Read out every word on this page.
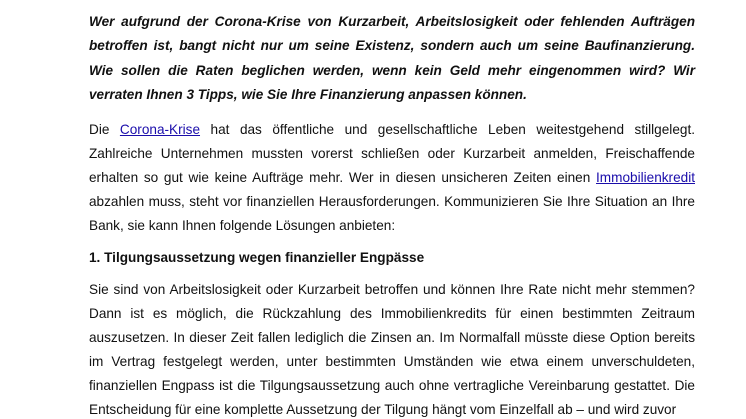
Wer aufgrund der Corona-Krise von Kurzarbeit, Arbeitslosigkeit oder fehlenden Aufträgen betroffen ist, bangt nicht nur um seine Existenz, sondern auch um seine Baufinanzierung. Wie sollen die Raten beglichen werden, wenn kein Geld mehr eingenommen wird? Wir verraten Ihnen 3 Tipps, wie Sie Ihre Finanzierung anpassen können.

Die Corona-Krise hat das öffentliche und gesellschaftliche Leben weitestgehend stillgelegt. Zahlreiche Unternehmen mussten vorerst schließen oder Kurzarbeit anmelden, Freischaffende erhalten so gut wie keine Aufträge mehr. Wer in diesen unsicheren Zeiten einen Immobilienkredit abzahlen muss, steht vor finanziellen Herausforderungen. Kommunizieren Sie Ihre Situation an Ihre Bank, sie kann Ihnen folgende Lösungen anbieten:

1. Tilgungsaussetzung wegen finanzieller Engpässe

Sie sind von Arbeitslosigkeit oder Kurzarbeit betroffen und können Ihre Rate nicht mehr stemmen? Dann ist es möglich, die Rückzahlung des Immobilienkredits für einen bestimmten Zeitraum auszusetzen. In dieser Zeit fallen lediglich die Zinsen an. Im Normalfall müsste diese Option bereits im Vertrag festgelegt werden, unter bestimmten Umständen wie etwa einem unverschuldeten, finanziellen Engpass ist die Tilgungsaussetzung auch ohne vertragliche Vereinbarung gestattet. Die Entscheidung für eine komplette Aussetzung der Tilgung hängt vom Einzelfall ab – und wird zuvor
